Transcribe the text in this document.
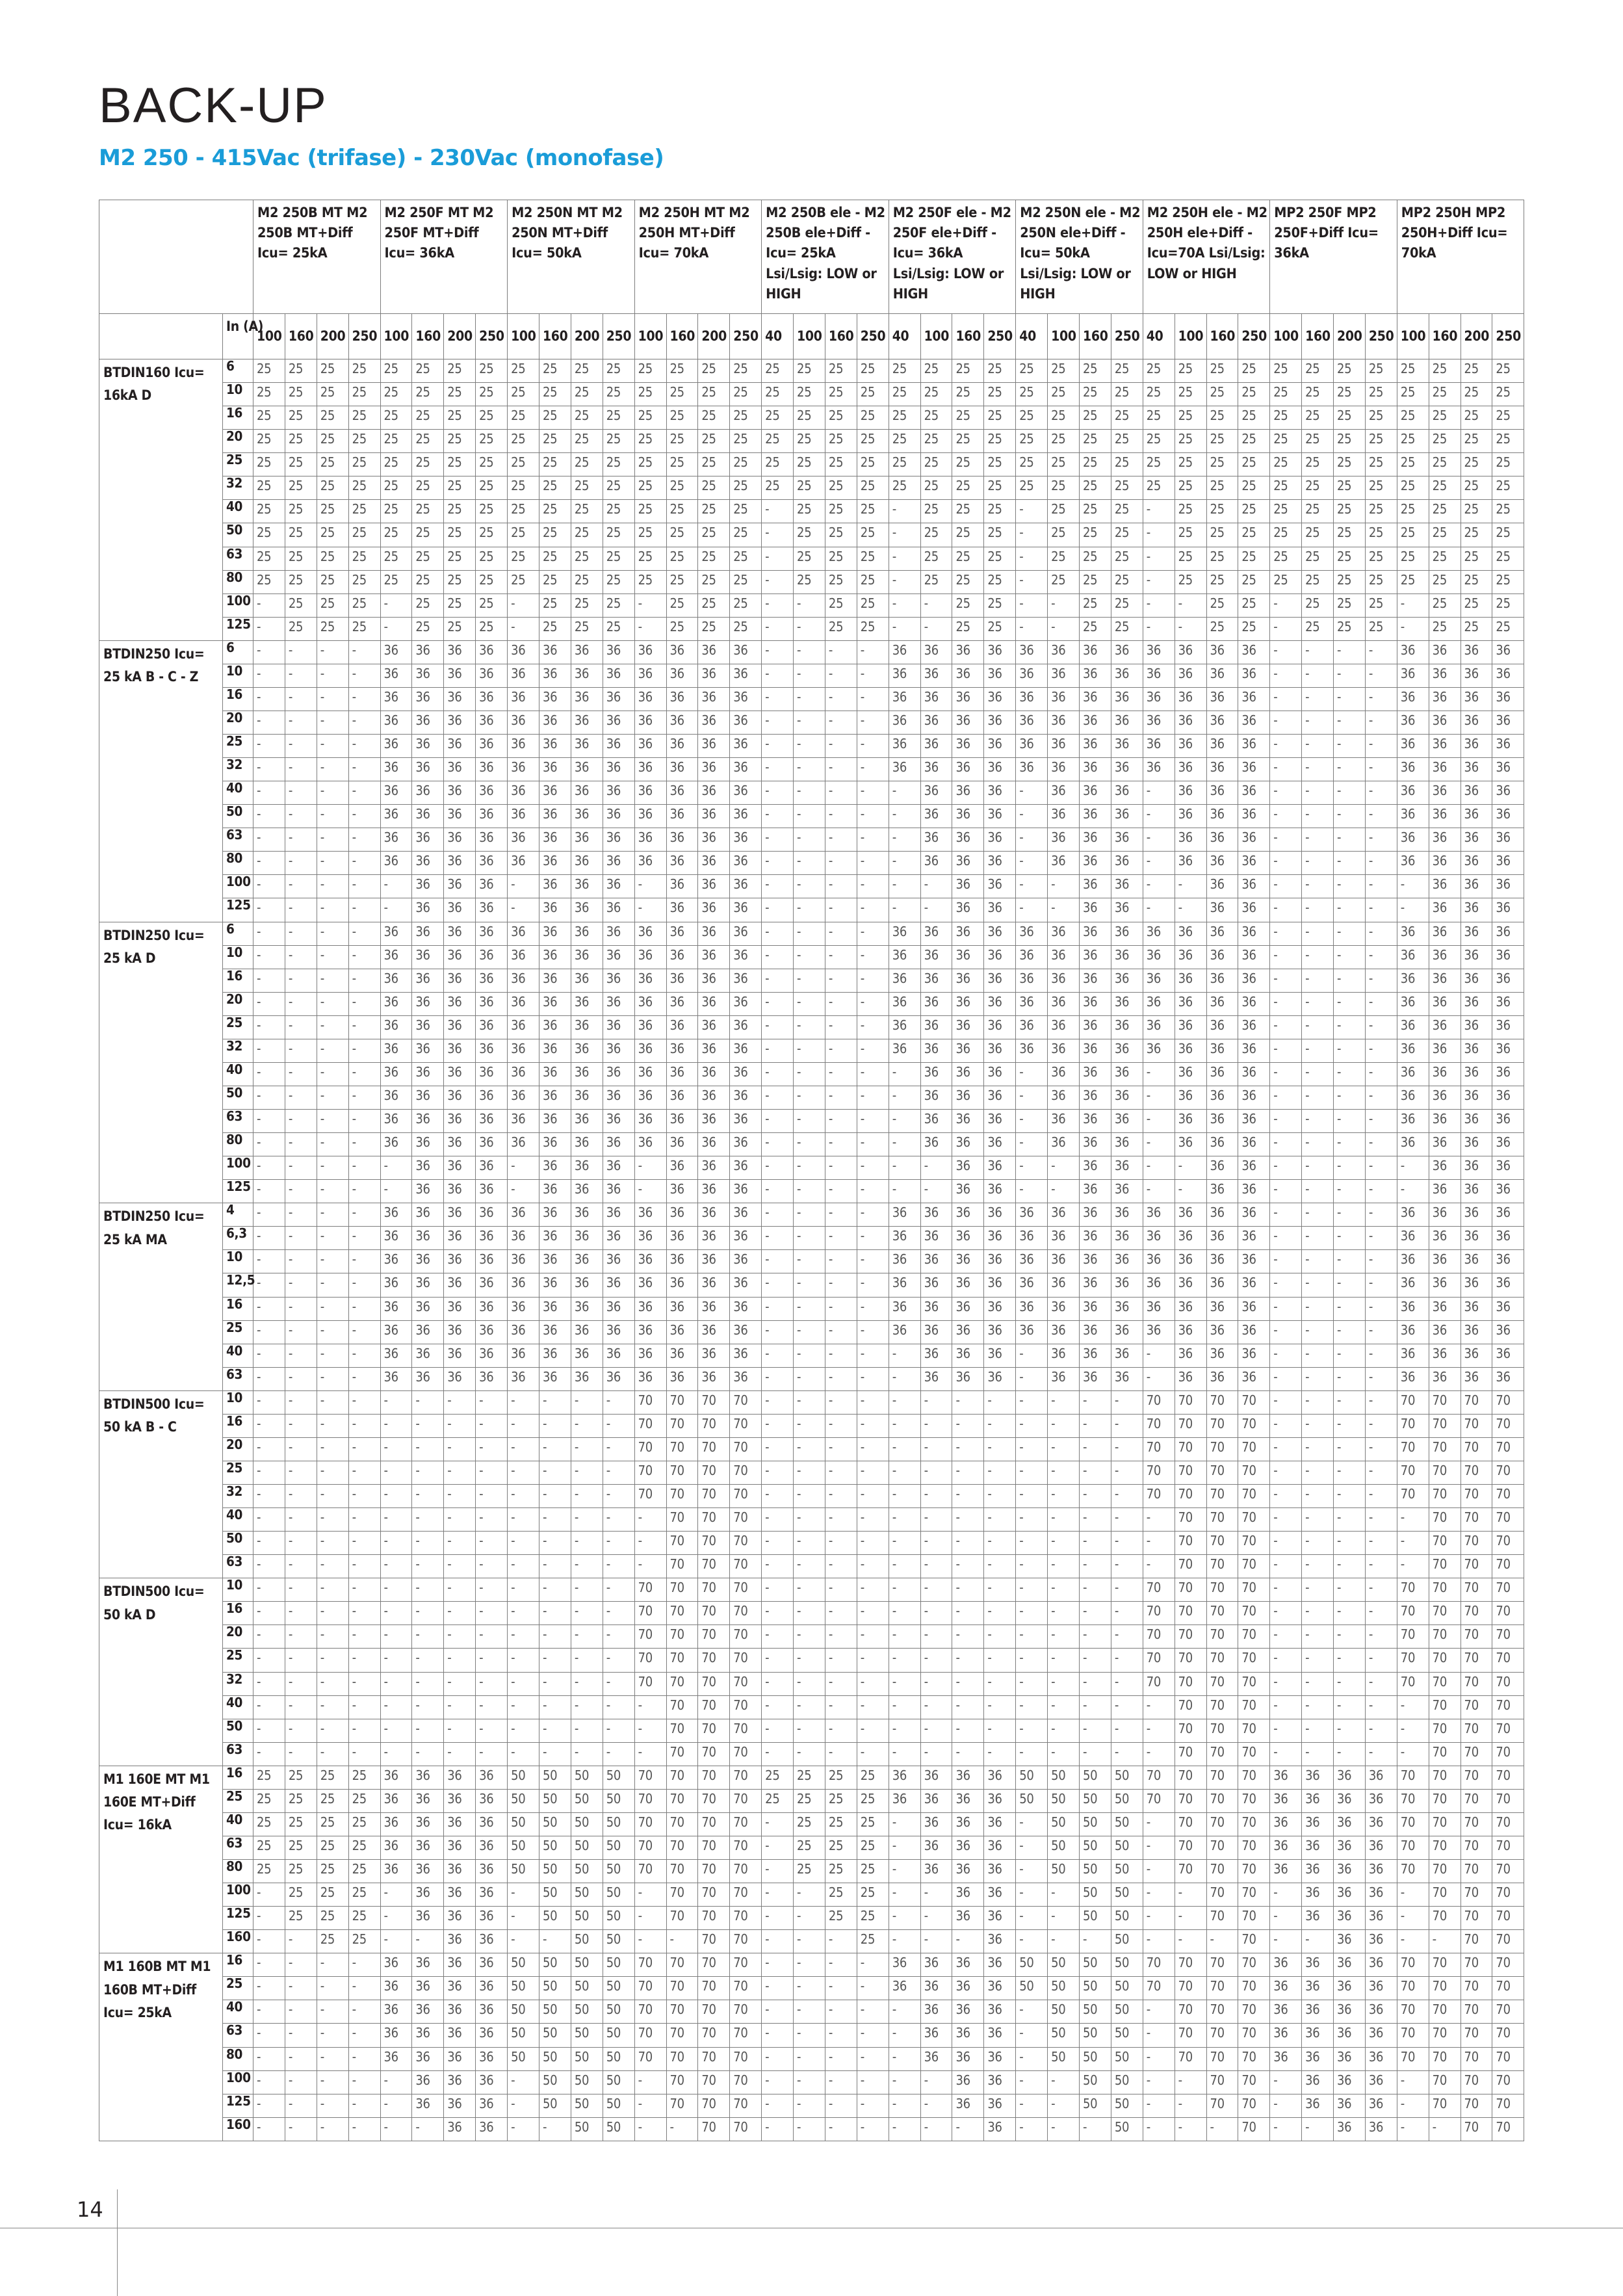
BACK-UP
M2 250 - 415Vac (trifase) - 230Vac (monofase)
		M2 250B MT M2 250B MT+Diff Icu= 25kA				M2 250F MT M2 250F MT+Diff Icu= 36kA				M2 250N MT M2 250N MT+Diff Icu= 50kA				M2 250H MT M2 250H MT+Diff Icu= 70kA				M2 250B ele - M2 250B ele+Diff - Icu= 25kA Lsi/Lsig: LOW or HIGH				M2 250F ele - M2 250F ele+Diff - Icu= 36kA Lsi/Lsig: LOW or HIGH				M2 250N ele - M2 250N ele+Diff - Icu= 50kA Lsi/Lsig: LOW or HIGH				M2 250H ele - M2 250H ele+Diff - Icu=70A Lsi/Lsig: LOW or HIGH				MP2 250F MP2 250F+Diff Icu= 36kA				MP2 250H MP2 250H+Diff Icu= 70kA			
	In (A)	100	160	200	250	100	160	200	250	100	160	200	250	100	160	200	250	40	100	160	250	40	100	160	250	40	100	160	250	40	100	160	250	100	160	200	250	100	160	200	250
BTDIN160 Icu= 16kA D	6	25	25	25	25	25	25	25	25	25	25	25	25	25	25	25	25	25	25	25	25	25	25	25	25	25	25	25	25	25	25	25	25	25	25	25	25	25	25	25	25
	10	25	25	25	25	25	25	25	25	25	25	25	25	25	25	25	25	25	25	25	25	25	25	25	25	25	25	25	25	25	25	25	25	25	25	25	25	25	25	25	25
	16	25	25	25	25	25	25	25	25	25	25	25	25	25	25	25	25	25	25	25	25	25	25	25	25	25	25	25	25	25	25	25	25	25	25	25	25	25	25	25	25
	20	25	25	25	25	25	25	25	25	25	25	25	25	25	25	25	25	25	25	25	25	25	25	25	25	25	25	25	25	25	25	25	25	25	25	25	25	25	25	25	25
	25	25	25	25	25	25	25	25	25	25	25	25	25	25	25	25	25	25	25	25	25	25	25	25	25	25	25	25	25	25	25	25	25	25	25	25	25	25	25	25	25
	32	25	25	25	25	25	25	25	25	25	25	25	25	25	25	25	25	25	25	25	25	25	25	25	25	25	25	25	25	25	25	25	25	25	25	25	25	25	25	25	25
	40	25	25	25	25	25	25	25	25	25	25	25	25	25	25	25	25	-	25	25	25	-	25	25	25	-	25	25	25	-	25	25	25	25	25	25	25	25	25	25	25
	50	25	25	25	25	25	25	25	25	25	25	25	25	25	25	25	25	-	25	25	25	-	25	25	25	-	25	25	25	-	25	25	25	25	25	25	25	25	25	25	25
	63	25	25	25	25	25	25	25	25	25	25	25	25	25	25	25	25	-	25	25	25	-	25	25	25	-	25	25	25	-	25	25	25	25	25	25	25	25	25	25	25
	80	25	25	25	25	25	25	25	25	25	25	25	25	25	25	25	25	-	25	25	25	-	25	25	25	-	25	25	25	-	25	25	25	25	25	25	25	25	25	25	25
	100	-	25	25	25	-	25	25	25	-	25	25	25	-	25	25	25	-	-	25	25	-	-	25	25	-	-	25	25	-	-	25	25	-	25	25	25	-	25	25	25
	125	-	25	25	25	-	25	25	25	-	25	25	25	-	25	25	25	-	-	25	25	-	-	25	25	-	-	25	25	-	-	25	25	-	25	25	25	-	25	25	25
BTDIN250 Icu= 25 kA B - C - Z	6	-	-	-	-	36	36	36	36	36	36	36	36	36	36	36	36	-	-	-	-	36	36	36	36	36	36	36	36	36	36	36	36	-	-	-	-	36	36	36	36
	10	-	-	-	-	36	36	36	36	36	36	36	36	36	36	36	36	-	-	-	-	36	36	36	36	36	36	36	36	36	36	36	36	-	-	-	-	36	36	36	36
	16	-	-	-	-	36	36	36	36	36	36	36	36	36	36	36	36	-	-	-	-	36	36	36	36	36	36	36	36	36	36	36	36	-	-	-	-	36	36	36	36
	20	-	-	-	-	36	36	36	36	36	36	36	36	36	36	36	36	-	-	-	-	36	36	36	36	36	36	36	36	36	36	36	36	-	-	-	-	36	36	36	36
	25	-	-	-	-	36	36	36	36	36	36	36	36	36	36	36	36	-	-	-	-	36	36	36	36	36	36	36	36	36	36	36	36	-	-	-	-	36	36	36	36
	32	-	-	-	-	36	36	36	36	36	36	36	36	36	36	36	36	-	-	-	-	36	36	36	36	36	36	36	36	36	36	36	36	-	-	-	-	36	36	36	36
	40	-	-	-	-	36	36	36	36	36	36	36	36	36	36	36	36	-	-	-	-	-	36	36	36	-	36	36	36	-	36	36	36	-	-	-	-	36	36	36	36
	50	-	-	-	-	36	36	36	36	36	36	36	36	36	36	36	36	-	-	-	-	-	36	36	36	-	36	36	36	-	36	36	36	-	-	-	-	36	36	36	36
	63	-	-	-	-	36	36	36	36	36	36	36	36	36	36	36	36	-	-	-	-	-	36	36	36	-	36	36	36	-	36	36	36	-	-	-	-	36	36	36	36
	80	-	-	-	-	36	36	36	36	36	36	36	36	36	36	36	36	-	-	-	-	-	36	36	36	-	36	36	36	-	36	36	36	-	-	-	-	36	36	36	36
	100	-	-	-	-	-	36	36	36	-	36	36	36	-	36	36	36	-	-	-	-	-	-	36	36	-	-	36	36	-	-	36	36	-	-	-	-	-	36	36	36
	125	-	-	-	-	-	36	36	36	-	36	36	36	-	36	36	36	-	-	-	-	-	-	36	36	-	-	36	36	-	-	36	36	-	-	-	-	-	36	36	36
BTDIN250 Icu= 25 kA D	6	-	-	-	-	36	36	36	36	36	36	36	36	36	36	36	36	-	-	-	-	36	36	36	36	36	36	36	36	36	36	36	36	-	-	-	-	36	36	36	36
	10	-	-	-	-	36	36	36	36	36	36	36	36	36	36	36	36	-	-	-	-	36	36	36	36	36	36	36	36	36	36	36	36	-	-	-	-	36	36	36	36
	16	-	-	-	-	36	36	36	36	36	36	36	36	36	36	36	36	-	-	-	-	36	36	36	36	36	36	36	36	36	36	36	36	-	-	-	-	36	36	36	36
	20	-	-	-	-	36	36	36	36	36	36	36	36	36	36	36	36	-	-	-	-	36	36	36	36	36	36	36	36	36	36	36	36	-	-	-	-	36	36	36	36
	25	-	-	-	-	36	36	36	36	36	36	36	36	36	36	36	36	-	-	-	-	36	36	36	36	36	36	36	36	36	36	36	36	-	-	-	-	36	36	36	36
	32	-	-	-	-	36	36	36	36	36	36	36	36	36	36	36	36	-	-	-	-	36	36	36	36	36	36	36	36	36	36	36	36	-	-	-	-	36	36	36	36
	40	-	-	-	-	36	36	36	36	36	36	36	36	36	36	36	36	-	-	-	-	-	36	36	36	-	36	36	36	-	36	36	36	-	-	-	-	36	36	36	36
	50	-	-	-	-	36	36	36	36	36	36	36	36	36	36	36	36	-	-	-	-	-	36	36	36	-	36	36	36	-	36	36	36	-	-	-	-	36	36	36	36
	63	-	-	-	-	36	36	36	36	36	36	36	36	36	36	36	36	-	-	-	-	-	36	36	36	-	36	36	36	-	36	36	36	-	-	-	-	36	36	36	36
	80	-	-	-	-	36	36	36	36	36	36	36	36	36	36	36	36	-	-	-	-	-	36	36	36	-	36	36	36	-	36	36	36	-	-	-	-	36	36	36	36
	100	-	-	-	-	-	36	36	36	-	36	36	36	-	36	36	36	-	-	-	-	-	-	36	36	-	-	36	36	-	-	36	36	-	-	-	-	-	36	36	36
	125	-	-	-	-	-	36	36	36	-	36	36	36	-	36	36	36	-	-	-	-	-	-	36	36	-	-	36	36	-	-	36	36	-	-	-	-	-	36	36	36
BTDIN250 Icu= 25 kA MA	4	-	-	-	-	36	36	36	36	36	36	36	36	36	36	36	36	-	-	-	-	36	36	36	36	36	36	36	36	36	36	36	36	-	-	-	-	36	36	36	36
	6,3	-	-	-	-	36	36	36	36	36	36	36	36	36	36	36	36	-	-	-	-	36	36	36	36	36	36	36	36	36	36	36	36	-	-	-	-	36	36	36	36
	10	-	-	-	-	36	36	36	36	36	36	36	36	36	36	36	36	-	-	-	-	36	36	36	36	36	36	36	36	36	36	36	36	-	-	-	-	36	36	36	36
	12,5	-	-	-	-	36	36	36	36	36	36	36	36	36	36	36	36	-	-	-	-	36	36	36	36	36	36	36	36	36	36	36	36	-	-	-	-	36	36	36	36
	16	-	-	-	-	36	36	36	36	36	36	36	36	36	36	36	36	-	-	-	-	36	36	36	36	36	36	36	36	36	36	36	36	-	-	-	-	36	36	36	36
	25	-	-	-	-	36	36	36	36	36	36	36	36	36	36	36	36	-	-	-	-	36	36	36	36	36	36	36	36	36	36	36	36	-	-	-	-	36	36	36	36
	40	-	-	-	-	36	36	36	36	36	36	36	36	36	36	36	36	-	-	-	-	-	36	36	36	-	36	36	36	-	36	36	36	-	-	-	-	36	36	36	36
	63	-	-	-	-	36	36	36	36	36	36	36	36	36	36	36	36	-	-	-	-	-	36	36	36	-	36	36	36	-	36	36	36	-	-	-	-	36	36	36	36
BTDIN500 Icu= 50 kA B - C	10	-	-	-	-	-	-	-	-	-	-	-	-	70	70	70	70	-	-	-	-	-	-	-	-	-	-	-	-	70	70	70	70	-	-	-	-	70	70	70	70
	16	-	-	-	-	-	-	-	-	-	-	-	-	70	70	70	70	-	-	-	-	-	-	-	-	-	-	-	-	70	70	70	70	-	-	-	-	70	70	70	70
	20	-	-	-	-	-	-	-	-	-	-	-	-	70	70	70	70	-	-	-	-	-	-	-	-	-	-	-	-	70	70	70	70	-	-	-	-	70	70	70	70
	25	-	-	-	-	-	-	-	-	-	-	-	-	70	70	70	70	-	-	-	-	-	-	-	-	-	-	-	-	70	70	70	70	-	-	-	-	70	70	70	70
	32	-	-	-	-	-	-	-	-	-	-	-	-	70	70	70	70	-	-	-	-	-	-	-	-	-	-	-	-	70	70	70	70	-	-	-	-	70	70	70	70
	40	-	-	-	-	-	-	-	-	-	-	-	-	-	70	70	70	-	-	-	-	-	-	-	-	-	-	-	-	-	70	70	70	-	-	-	-	-	70	70	70
	50	-	-	-	-	-	-	-	-	-	-	-	-	-	70	70	70	-	-	-	-	-	-	-	-	-	-	-	-	-	70	70	70	-	-	-	-	-	70	70	70
	63	-	-	-	-	-	-	-	-	-	-	-	-	-	70	70	70	-	-	-	-	-	-	-	-	-	-	-	-	-	70	70	70	-	-	-	-	-	70	70	70
BTDIN500 Icu= 50 kA D	10	-	-	-	-	-	-	-	-	-	-	-	-	70	70	70	70	-	-	-	-	-	-	-	-	-	-	-	-	70	70	70	70	-	-	-	-	70	70	70	70
	16	-	-	-	-	-	-	-	-	-	-	-	-	70	70	70	70	-	-	-	-	-	-	-	-	-	-	-	-	70	70	70	70	-	-	-	-	70	70	70	70
	20	-	-	-	-	-	-	-	-	-	-	-	-	70	70	70	70	-	-	-	-	-	-	-	-	-	-	-	-	70	70	70	70	-	-	-	-	70	70	70	70
	25	-	-	-	-	-	-	-	-	-	-	-	-	70	70	70	70	-	-	-	-	-	-	-	-	-	-	-	-	70	70	70	70	-	-	-	-	70	70	70	70
	32	-	-	-	-	-	-	-	-	-	-	-	-	70	70	70	70	-	-	-	-	-	-	-	-	-	-	-	-	70	70	70	70	-	-	-	-	70	70	70	70
	40	-	-	-	-	-	-	-	-	-	-	-	-	-	70	70	70	-	-	-	-	-	-	-	-	-	-	-	-	-	70	70	70	-	-	-	-	-	70	70	70
	50	-	-	-	-	-	-	-	-	-	-	-	-	-	70	70	70	-	-	-	-	-	-	-	-	-	-	-	-	-	70	70	70	-	-	-	-	-	70	70	70
	63	-	-	-	-	-	-	-	-	-	-	-	-	-	70	70	70	-	-	-	-	-	-	-	-	-	-	-	-	-	70	70	70	-	-	-	-	-	70	70	70
M1 160E MT M1 160E MT+Diff Icu= 16kA	16	25	25	25	25	36	36	36	36	50	50	50	50	70	70	70	70	25	25	25	25	36	36	36	36	50	50	50	50	70	70	70	70	36	36	36	36	70	70	70	70
	25	25	25	25	25	36	36	36	36	50	50	50	50	70	70	70	70	25	25	25	25	36	36	36	36	50	50	50	50	70	70	70	70	36	36	36	36	70	70	70	70
	40	25	25	25	25	36	36	36	36	50	50	50	50	70	70	70	70	-	25	25	25	-	36	36	36	-	50	50	50	-	70	70	70	36	36	36	36	70	70	70	70
	63	25	25	25	25	36	36	36	36	50	50	50	50	70	70	70	70	-	25	25	25	-	36	36	36	-	50	50	50	-	70	70	70	36	36	36	36	70	70	70	70
	80	25	25	25	25	36	36	36	36	50	50	50	50	70	70	70	70	-	25	25	25	-	36	36	36	-	50	50	50	-	70	70	70	36	36	36	36	70	70	70	70
	100	-	25	25	25	-	36	36	36	-	50	50	50	-	70	70	70	-	-	25	25	-	-	36	36	-	-	50	50	-	-	70	70	-	36	36	36	-	70	70	70
	125	-	25	25	25	-	36	36	36	-	50	50	50	-	70	70	70	-	-	25	25	-	-	36	36	-	-	50	50	-	-	70	70	-	36	36	36	-	70	70	70
	160	-	-	25	25	-	-	36	36	-	-	50	50	-	-	70	70	-	-	-	25	-	-	-	36	-	-	-	50	-	-	-	70	-	-	36	36	-	-	70	70
M1 160B MT M1 160B MT+Diff Icu= 25kA	16	-	-	-	-	36	36	36	36	50	50	50	50	70	70	70	70	-	-	-	-	36	36	36	36	50	50	50	50	70	70	70	70	36	36	36	36	70	70	70	70
	25	-	-	-	-	36	36	36	36	50	50	50	50	70	70	70	70	-	-	-	-	36	36	36	36	50	50	50	50	70	70	70	70	36	36	36	36	70	70	70	70
	40	-	-	-	-	36	36	36	36	50	50	50	50	70	70	70	70	-	-	-	-	-	36	36	36	-	50	50	50	-	70	70	70	36	36	36	36	70	70	70	70
	63	-	-	-	-	36	36	36	36	50	50	50	50	70	70	70	70	-	-	-	-	-	36	36	36	-	50	50	50	-	70	70	70	36	36	36	36	70	70	70	70
	80	-	-	-	-	36	36	36	36	50	50	50	50	70	70	70	70	-	-	-	-	-	36	36	36	-	50	50	50	-	70	70	70	36	36	36	36	70	70	70	70
	100	-	-	-	-	-	36	36	36	-	50	50	50	-	70	70	70	-	-	-	-	-	-	36	36	-	-	50	50	-	-	70	70	-	36	36	36	-	70	70	70
	125	-	-	-	-	-	36	36	36	-	50	50	50	-	70	70	70	-	-	-	-	-	-	36	36	-	-	50	50	-	-	70	70	-	36	36	36	-	70	70	70
	160	-	-	-	-	-	-	36	36	-	-	50	50	-	-	70	70	-	-	-	-	-	-	-	36	-	-	-	50	-	-	-	70	-	-	36	36	-	-	70	70
14
